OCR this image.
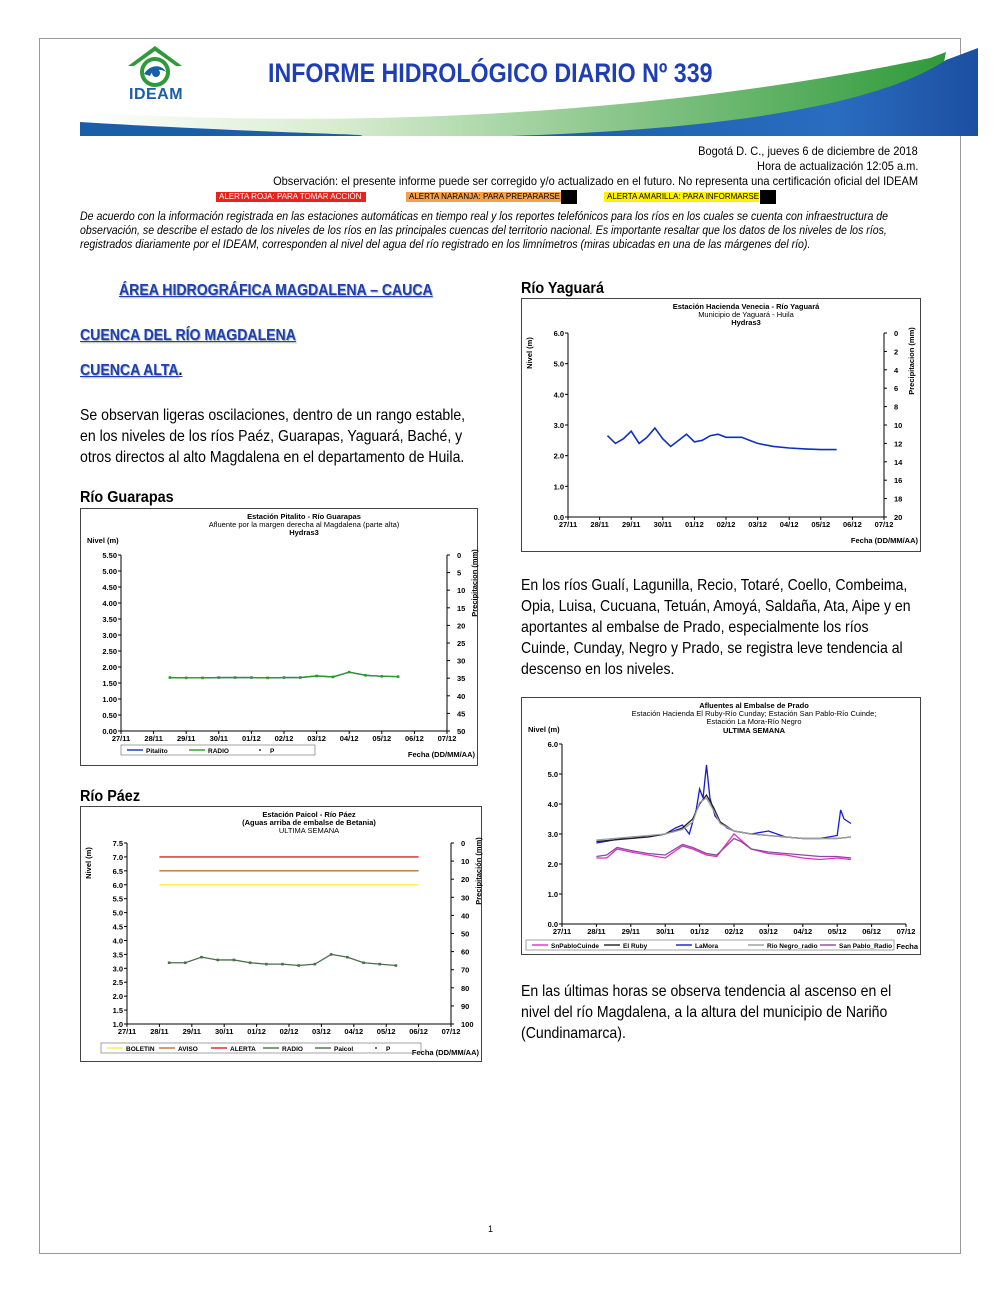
IDEAM
INFORME HIDROLÓGICO DIARIO Nº 339
Bogotá D. C., jueves 6 de diciembre de 2018
Hora de actualización 12:05 a.m.
Observación: el presente informe puede ser corregido y/o actualizado en el futuro. No representa una certificación oficial del IDEAM
ALERTA ROJA: PARA TOMAR ACCIÓN	ALERTA NARANJA: PARA PREPARARSE	ALERTA AMARILLA: PARA INFORMARSE
De acuerdo con la información registrada en las estaciones automáticas en tiempo real y los reportes telefónicos para los ríos en los cuales se cuenta con infraestructura de
observación, se describe el estado de los niveles de los ríos en las principales cuencas del territorio nacional. Es importante resaltar que los datos de los niveles de los ríos,
registrados diariamente por el IDEAM, corresponden al nivel del agua del río registrado en los limnímetros (miras ubicadas en una de las márgenes del río).
ÁREA HIDROGRÁFICA MAGDALENA – CAUCA
CUENCA DEL RÍO MAGDALENA
CUENCA ALTA.
Se observan ligeras oscilaciones, dentro de un rango estable,
en los niveles de los ríos Paéz, Guarapas, Yaguará, Baché, y
otros directos al alto Magdalena en el departamento de Huila.
Río Guarapas
Río Páez
Río Yaguará
En los ríos Gualí, Lagunilla, Recio, Totaré, Coello, Combeima,
Opia, Luisa, Cucuana, Tetuán, Amoyá, Saldaña, Ata, Aipe y en
aportantes al embalse de Prado, especialmente los ríos
Cuinde, Cunday, Negro y Prado, se registra leve tendencia al
descenso en los niveles.
En las últimas horas se observa tendencia al ascenso en el
nivel del río Magdalena, a la altura del municipio de Nariño
(Cundinamarca).
Estación Pitalito - Río Guarapas
Afluente por la margen derecha al Magdalena (parte alta)
Hydras3
0.00
0.50
1.00
1.50
2.00
2.50
3.00
3.50
4.00
4.50
5.00
5.50	0
5
10
15
20
25
30
35
40
45
50
Precipitacion (mm)
27/11 28/11 29/11 30/11 01/12 02/12 03/12 04/12 05/12 06/12 07/12
Nivel (m)
Fecha (DD/MM/AA)
Pitalito	RADIO	P
Estación Paicol - Río Páez
(Aguas arriba de embalse de Betania)
ULTIMA SEMANA
1.0
1.5
2.0
2.5
3.0
3.5
4.0
4.5
5.0
5.5
6.0
6.5
7.0
7.5	0
10
20
30
40
50
60
70
80
90
100
Precipitación (mm)
27/11 28/11 29/11 30/11 01/12 02/12 03/12 04/12 05/12 06/12 07/12
Nivel (m)
Fecha (DD/MM/AA)
BOLETIN	AVISO	ALERTA	RADIO	Paicol	P
Estación Hacienda Venecia - Río Yaguará
Municipio de Yaguará - Huila
Hydras3
0.0
1.0
2.0
3.0
4.0
5.0
6.0	0
2
4
6
8
10
12
14
16
18
20
Precipitacion (mm)
27/11 28/11 29/11 30/11 01/12 02/12 03/12 04/12 05/12 06/12 07/12
Nivel (m)
Fecha (DD/MM/AA)
Afluentes al Embalse de Prado
Estación Hacienda El Ruby-Río Cunday; Estación San Pablo-Río Cuinde;
Estación La Mora-Río Negro
ULTIMA SEMANA
0.0
1.0
2.0
3.0
4.0
5.0
6.0
27/11 28/11 29/11 30/11 01/12 02/12 03/12 04/12 05/12 06/12 07/12
Nivel (m)
Fecha
SnPabloCuinde	El Ruby	LaMora	Rio Negro_radio	San Pablo_Radio
1
